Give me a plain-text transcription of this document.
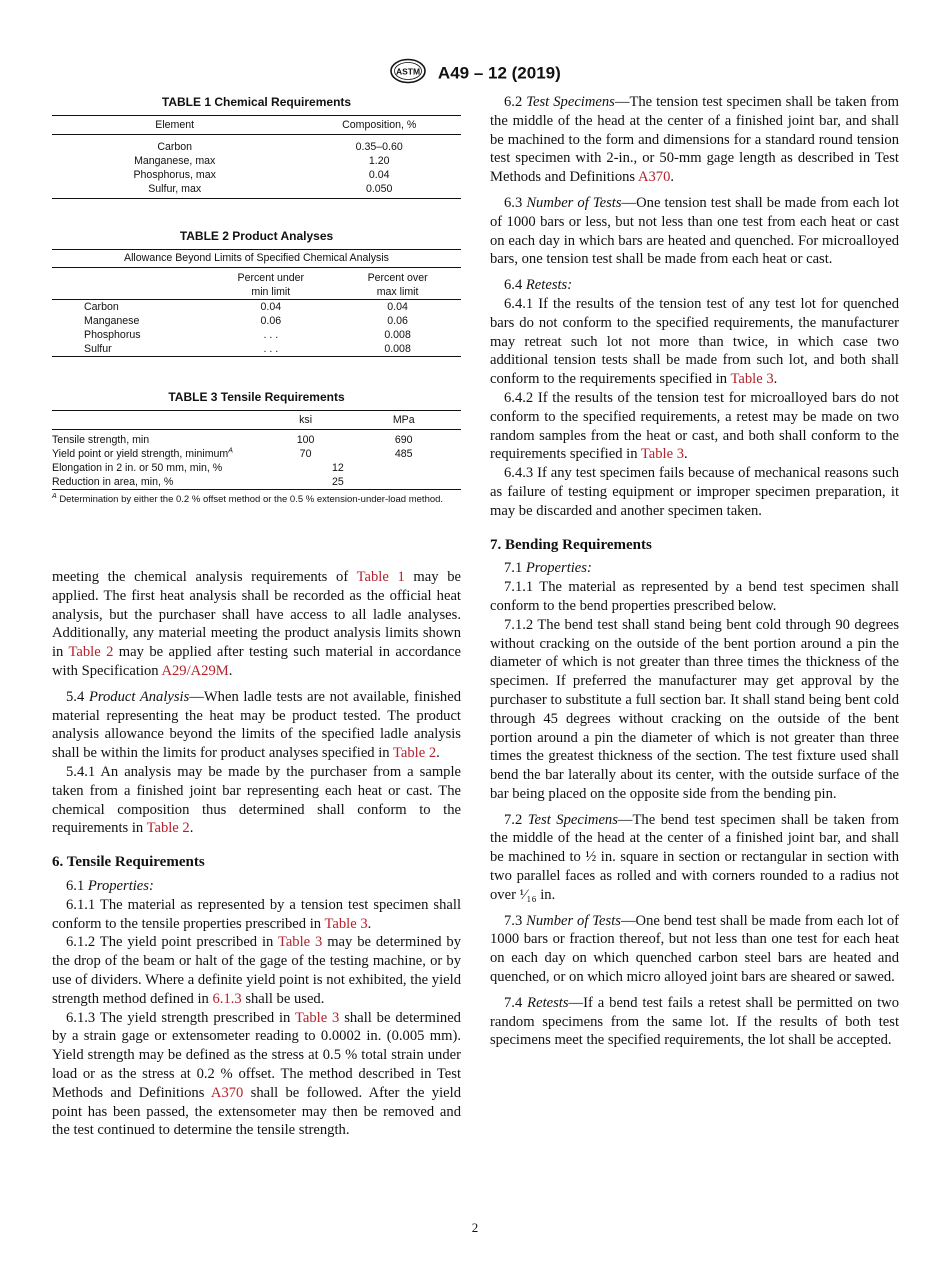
ASTM A49 – 12 (2019)
TABLE 1 Chemical Requirements
Element	Composition, %

Carbon	0.35–0.60
Manganese, max	1.20
Phosphorus, max	0.04
Sulfur, max	0.050
TABLE 2 Product Analyses
Allowance Beyond Limits of Specified Chemical Analysis		
	Percent under	Percent over
	min limit	max limit
Carbon	0.04	0.04
Manganese	0.06	0.06
Phosphorus	. . .	0.008
Sulfur	. . .	0.008
TABLE 3 Tensile Requirements
	ksi	MPa

Tensile strength, min	100	690
Yield point or yield strength, minimum$^A$	70	485
Elongation in 2 in. or 50 mm, min, %	12	
Reduction in area, min, %	25	
$^A$ Determination by either the 0.2 % offset method or the 0.5 % extension-under-load method.

meeting the chemical analysis requirements of Table 1 may be applied. The first heat analysis shall be recorded as the official heat analysis, but the purchaser shall have access to all ladle analyses. Additionally, any material meeting the product analysis limits shown in Table 2 may be applied after testing such material in accordance with Specification A29/A29M.

5.4 Product Analysis—When ladle tests are not available, finished material representing the heat may be product tested. The product analysis allowance beyond the limits of the specified ladle analysis shall be within the limits for product analyses specified in Table 2.

5.4.1 An analysis may be made by the purchaser from a sample taken from a finished joint bar representing each heat or cast. The chemical composition thus determined shall conform to the requirements in Table 2.

6. Tensile Requirements

6.1 Properties:

6.1.1 The material as represented by a tension test specimen shall conform to the tensile properties prescribed in Table 3.

6.1.2 The yield point prescribed in Table 3 may be determined by the drop of the beam or halt of the gage of the testing machine, or by use of dividers. Where a definite yield point is not exhibited, the yield strength method defined in 6.1.3 shall be used.

6.1.3 The yield strength prescribed in Table 3 shall be determined by a strain gage or extensometer reading to 0.0002 in. (0.005 mm). Yield strength may be defined as the stress at 0.5 % total strain under load or as the stress at 0.2 % offset. The method described in Test Methods and Definitions A370 shall be followed. After the yield point has been passed, the extensometer may then be removed and the test continued to determine the tensile strength.

6.2 Test Specimens—The tension test specimen shall be taken from the middle of the head at the center of a finished joint bar, and shall be machined to the form and dimensions for a standard round tension test specimen with 2-in., or 50-mm gage length as described in Test Methods and Definitions A370.

6.3 Number of Tests—One tension test shall be made from each lot of 1000 bars or less, but not less than one test from each heat or cast on each day in which bars are heated and quenched. For microalloyed bars, one tension test shall be made from each heat or cast.

6.4 Retests:

6.4.1 If the results of the tension test of any test lot for quenched bars do not conform to the specified requirements, the manufacturer may retreat such lot not more than twice, in which case two additional tension tests shall be made from such lot, and both shall conform to the requirements specified in Table 3.

6.4.2 If the results of the tension test for microalloyed bars do not conform to the specified requirements, a retest may be made on two random samples from the heat or cast, and both shall conform to the requirements specified in Table 3.

6.4.3 If any test specimen fails because of mechanical reasons such as failure of testing equipment or improper specimen preparation, it may be discarded and another specimen taken.

7. Bending Requirements

7.1 Properties:

7.1.1 The material as represented by a bend test specimen shall conform to the bend properties prescribed below.

7.1.2 The bend test shall stand being bent cold through 90 degrees without cracking on the outside of the bent portion around a pin the diameter of which is not greater than three times the thickness of the specimen. If preferred the manufacturer may get approval by the purchaser to substitute a full section bar. It shall stand being bent cold through 45 degrees without cracking on the outside of the bent portion around a pin the diameter of which is not greater than three times the greatest thickness of the section. The test fixture used shall bend the bar laterally about its center, with the outside surface of the bar being placed on the opposite side from the bending pin.

7.2 Test Specimens—The bend test specimen shall be taken from the middle of the head at the center of a finished joint bar, and shall be machined to ½ in. square in section or rectangular in section with two parallel faces as rolled and with corners rounded to a radius not over ¹⁄₁₆ in.

7.3 Number of Tests—One bend test shall be made from each lot of 1000 bars or fraction thereof, but not less than one test for each heat on each day on which quenched carbon steel bars are heated and quenched, or on which micro alloyed joint bars are sheared or sawed.

7.4 Retests—If a bend test fails a retest shall be permitted on two random specimens from the same lot. If the results of both test specimens meet the specified requirements, the lot shall be accepted.

2
